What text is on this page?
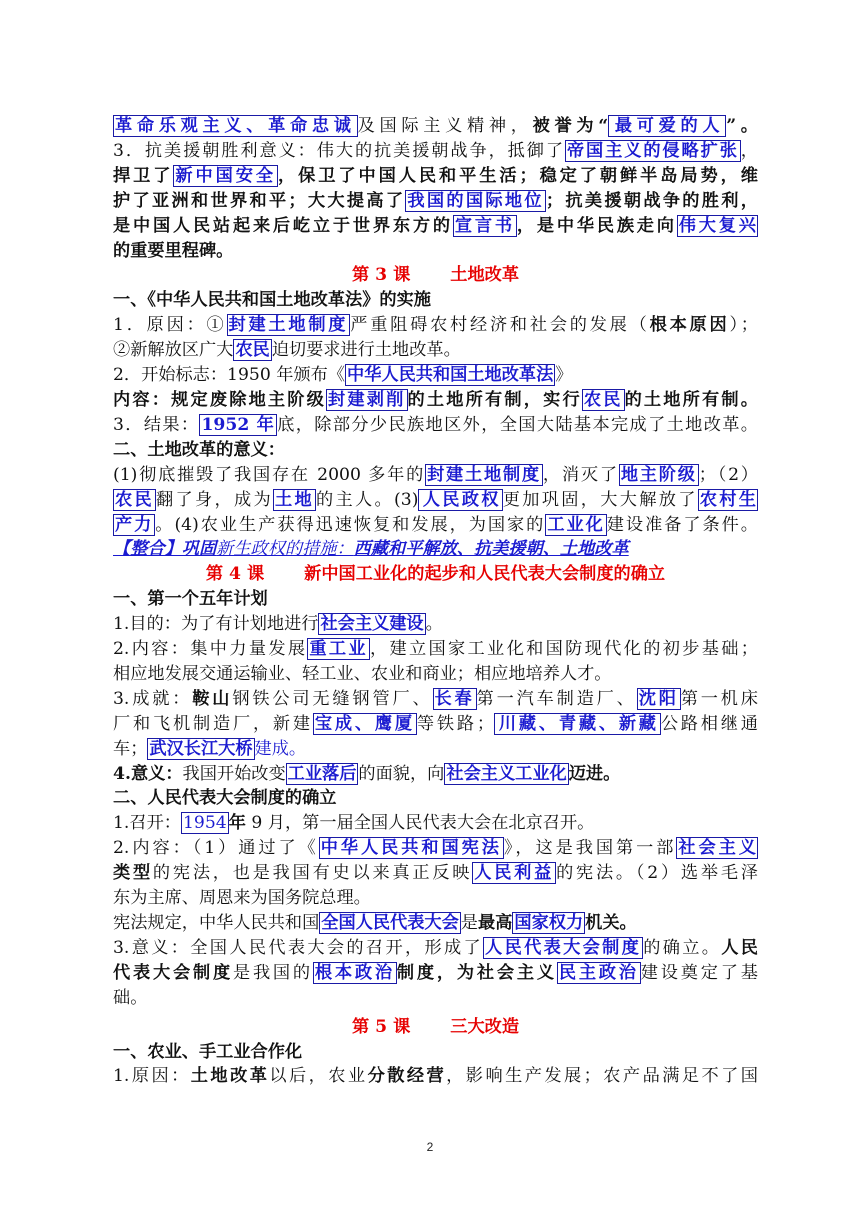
革命乐观主义、革命忠诚 及国际主义精神，被誉为“ 最可爱的人 ”。

3．抗美援朝胜利意义：伟大的抗美援朝战争，抵御了 帝国主义的侵略扩张 ，

捍卫了 新中国安全 ，保卫了中国人民和平生活；稳定了朝鲜半岛局势，维

护了亚洲和世界和平；大大提高了 我国的国际地位 ；抗美援朝战争的胜利，

是中国人民站起来后屹立于世界东方的 宣言书 ，是中华民族走向 伟大复兴

的重要里程碑。

第 3 课 土地改革

一、《中华人民共和国土地改革法》的实施

1．原因：① 封建土地制度 严重阻碍农村经济和社会的发展（根本原因）；

②新解放区广大 农民 迫切要求进行土地改革。

2．开始标志：1950 年颁布《 中华人民共和国土地改革法 》

内容：规定废除地主阶级 封建剥削 的土地所有制，实行 农民 的土地所有制。

3．结果： 1952 年 底，除部分少民族地区外，全国大陆基本完成了土地改革。

二、土地改革的意义：

(1)彻底摧毁了我国存在 2000 多年的 封建土地制度 ，消灭了 地主阶级 ；（2）

农民 翻了身，成为 土地 的主人。(3) 人民政权 更加巩固，大大解放了 农村生

产力 。(4)农业生产获得迅速恢复和发展，为国家的 工业化 建设准备了条件。

【整合】巩固新生政权的措施：西藏和平解放、抗美援朝、土地改革

第 4 课 新中国工业化的起步和人民代表大会制度的确立

一、第一个五年计划

1.目的：为了有计划地进行 社会主义建设 。

2.内容：集中力量发展 重工业 ，建立国家工业化和国防现代化的初步基础；

相应地发展交通运输业、轻工业、农业和商业；相应地培养人才。

3.成就：鞍山钢铁公司无缝钢管厂、 长春 第一汽车制造厂、 沈阳 第一机床

厂和飞机制造厂，新建 宝成、鹰厦 等铁路； 川藏、青藏、新藏 公路相继通

车； 武汉长江大桥 建成。

4.意义：我国开始改变 工业落后 的面貌，向 社会主义工业化 迈进。

二、人民代表大会制度的确立

1.召开： 1954 年 9 月，第一届全国人民代表大会在北京召开。

2.内容：（1）通过了《 中华人民共和国宪法 》，这是我国第一部 社会主义

类型的宪法，也是我国有史以来真正反映 人民利益 的宪法。（2）选举毛泽

东为主席、周恩来为国务院总理。

宪法规定，中华人民共和国 全国人民代表大会 是最高 国家权力 机关。

3.意义：全国人民代表大会的召开，形成了 人民代表大会制度 的确立。人民

代表大会制度是我国的 根本政治 制度，为社会主义 民主政治 建设奠定了基

础。

第 5 课 三大改造

一、农业、手工业合作化

1.原因：土地改革以后，农业分散经营，影响生产发展；农产品满足不了国

2
